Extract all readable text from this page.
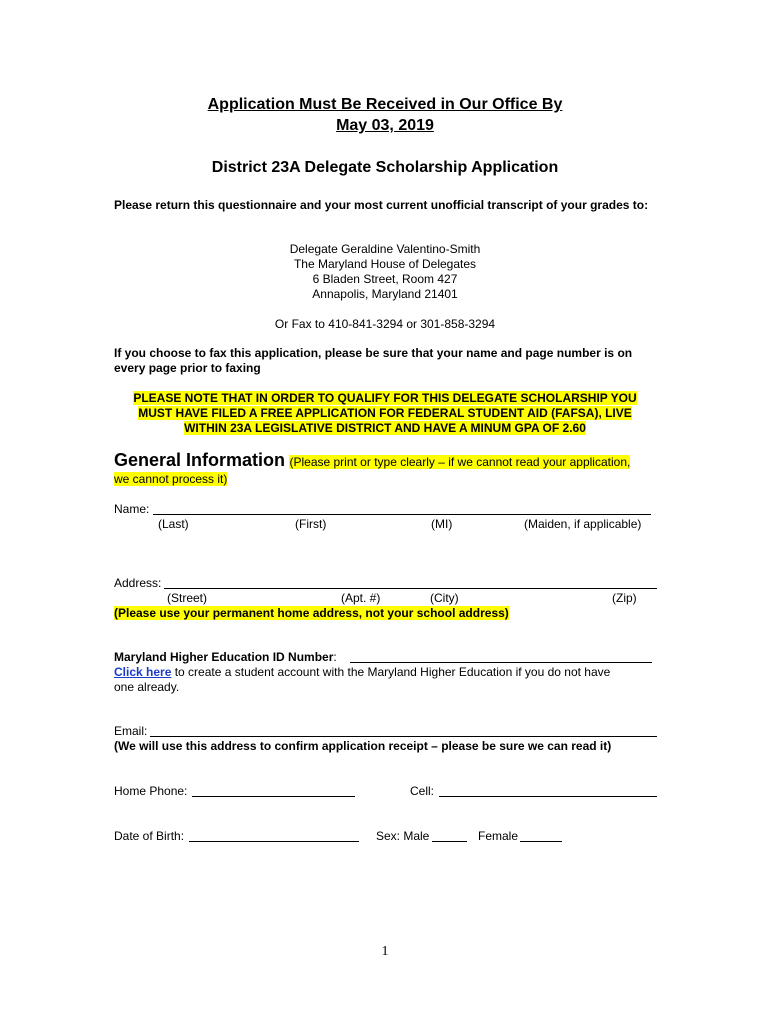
Application Must Be Received in Our Office By
May 03, 2019
District 23A Delegate Scholarship Application
Please return this questionnaire and your most current unofficial transcript of your grades to:
Delegate Geraldine Valentino-Smith
The Maryland House of Delegates
6 Bladen Street, Room 427
Annapolis, Maryland 21401
Or Fax to 410-841-3294 or 301-858-3294
If you choose to fax this application, please be sure that your name and page number is on every page prior to faxing
PLEASE NOTE THAT IN ORDER TO QUALIFY FOR THIS DELEGATE SCHOLARSHIP YOU
MUST HAVE FILED A FREE APPLICATION FOR FEDERAL STUDENT AID (FAFSA), LIVE
WITHIN 23A LEGISLATIVE DISTRICT AND HAVE A MINUM GPA OF 2.60
General Information (Please print or type clearly – if we cannot read your application,
we cannot process it)
Name:
(Last)	(First)	(MI)	(Maiden, if applicable)
Address:
(Street)	(Apt. #)	(City)	(Zip)
(Please use your permanent home address, not your school address)
Maryland Higher Education ID Number:
Click here to create a student account with the Maryland Higher Education if you do not have
one already.
Email:
(We will use this address to confirm application receipt – please be sure we can read it)
Home Phone:	Cell:
Date of Birth:	Sex: Male	Female
1
